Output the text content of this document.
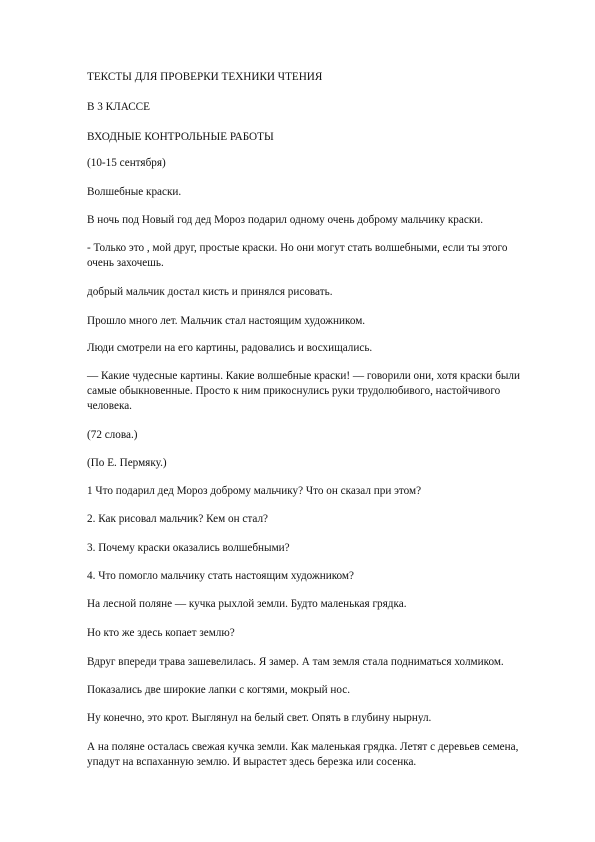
ТЕКСТЫ ДЛЯ ПРОВЕРКИ ТЕХНИКИ ЧТЕНИЯ

В 3 КЛАССЕ

ВХОДНЫЕ КОНТРОЛЬНЫЕ РАБОТЫ

(10-15 сентября)

Волшебные краски.

В ночь под Новый год дед Мороз подарил одному очень доброму мальчику краски.

- Только это , мой друг, простые краски. Но они могут стать волшебными, если ты этого очень захочешь.

добрый мальчик достал кисть и принялся рисовать.

Прошло много лет. Мальчик стал настоящим художником.

Люди смотрели на его картины, радовались и восхищались.

— Какие чудесные картины. Какие волшебные краски! — говорили они, хотя краски были самые обыкновенные. Просто к ним прикоснулись руки трудолюбивого, настойчивого человека.

(72 слова.)

(По Е. Пермяку.)

1 Что подарил дед Мороз доброму мальчику? Что он сказал при этом?

2. Как рисовал мальчик? Кем он стал?

3. Почему краски оказались волшебными?

4. Что помогло мальчику стать настоящим художником?

На лесной поляне — кучка рыхлой земли. Будто маленькая грядка.

Но кто же здесь копает землю?

Вдруг впереди трава зашевелилась. Я замер. А там земля стала подниматься холмиком.

Показались две широкие лапки с когтями, мокрый нос.

Ну конечно, это крот. Выглянул на белый свет. Опять в глубину нырнул.

А на поляне осталась свежая кучка земли. Как маленькая грядка. Летят с деревьев семена, упадут на вспаханную землю. И вырастет здесь березка или сосенка.
